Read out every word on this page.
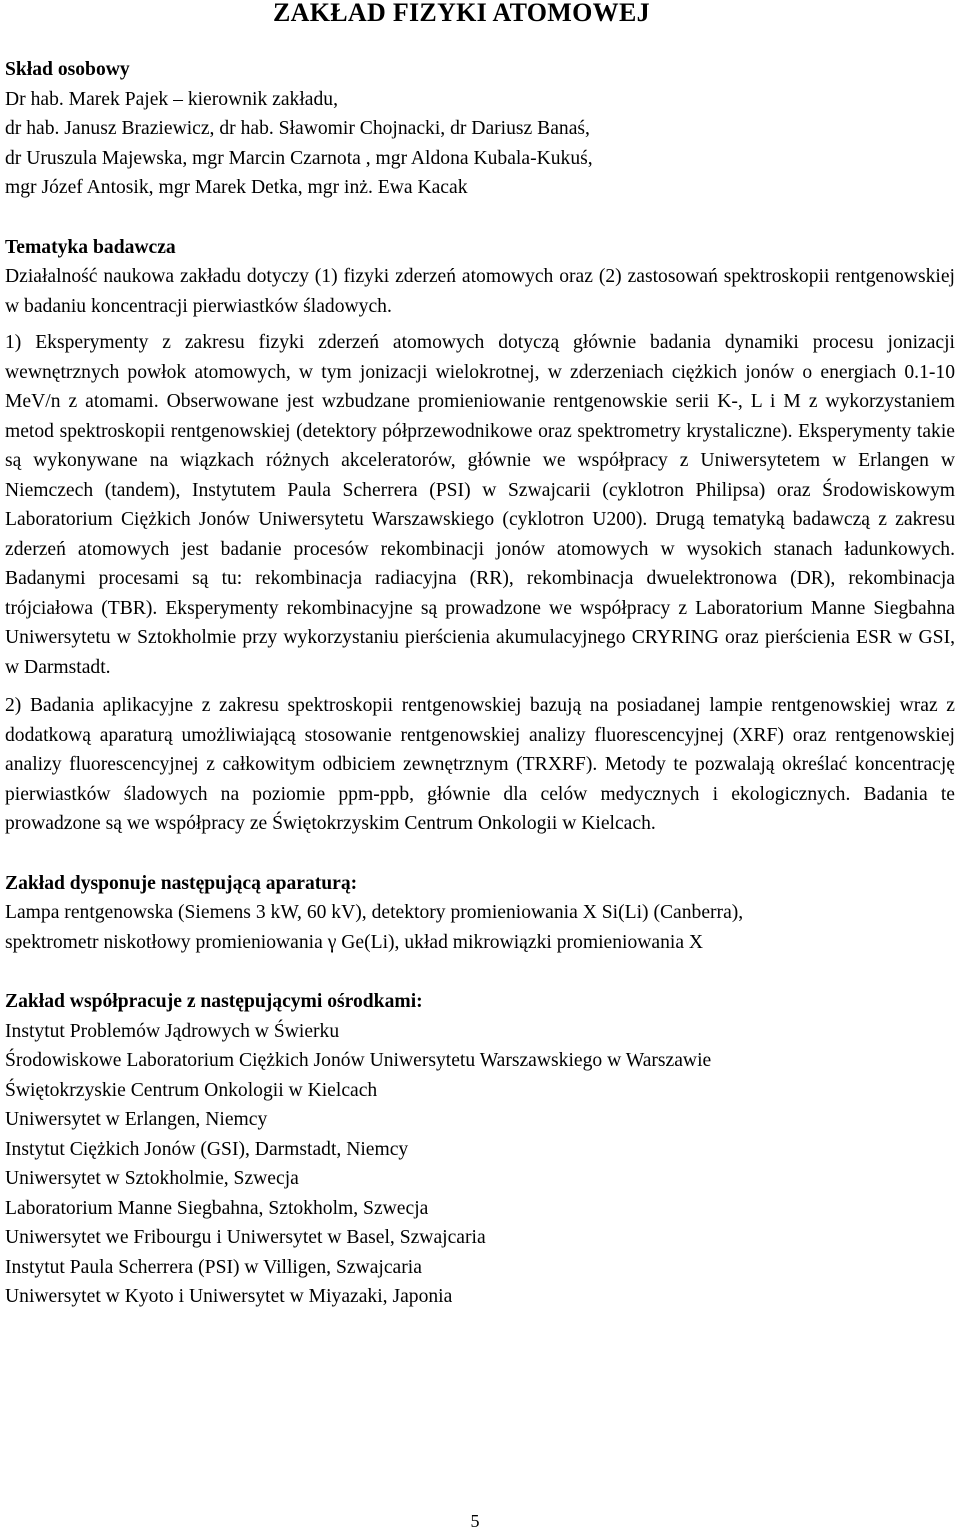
ZAKŁAD FIZYKI ATOMOWEJ

Skład osobowy

Dr hab. Marek Pajek – kierownik zakładu,

dr hab. Janusz Braziewicz, dr hab. Sławomir Chojnacki, dr Dariusz Banaś,

dr Uruszula Majewska, mgr Marcin Czarnota , mgr Aldona Kubala-Kukuś,

mgr Józef Antosik, mgr Marek Detka, mgr inż. Ewa Kacak

Tematyka badawcza

Działalność naukowa zakładu dotyczy (1) fizyki zderzeń atomowych oraz (2) zastosowań spektroskopii rentgenowskiej w badaniu koncentracji pierwiastków śladowych.

1) Eksperymenty z zakresu fizyki zderzeń atomowych dotyczą głównie badania dynamiki procesu jonizacji wewnętrznych powłok atomowych, w tym jonizacji wielokrotnej, w zderzeniach ciężkich jonów o energiach 0.1-10 MeV/n z atomami. Obserwowane jest wzbudzane promieniowanie rentgenowskie serii K-, L i M z wykorzystaniem metod spektroskopii rentgenowskiej (detektory półprzewodnikowe oraz spektrometry krystaliczne). Eksperymenty takie są wykonywane na wiązkach różnych akceleratorów, głównie we współpracy z Uniwersytetem w Erlangen w Niemczech (tandem), Instytutem Paula Scherrera (PSI) w Szwajcarii (cyklotron Philipsa) oraz Środowiskowym Laboratorium Ciężkich Jonów Uniwersytetu Warszawskiego (cyklotron U200). Drugą tematyką badawczą z zakresu zderzeń atomowych jest badanie procesów rekombinacji jonów atomowych w wysokich stanach ładunkowych. Badanymi procesami są tu: rekombinacja radiacyjna (RR), rekombinacja dwuelektronowa (DR), rekombinacja trójciałowa (TBR). Eksperymenty rekombinacyjne są prowadzone we współpracy z Laboratorium Manne Siegbahna Uniwersytetu w Sztokholmie przy wykorzystaniu pierścienia akumulacyjnego CRYRING oraz pierścienia ESR w GSI, w Darmstadt.

2) Badania aplikacyjne z zakresu spektroskopii rentgenowskiej bazują na posiadanej lampie rentgenowskiej wraz z dodatkową aparaturą umożliwiającą stosowanie rentgenowskiej analizy fluorescencyjnej (XRF) oraz rentgenowskiej analizy fluorescencyjnej z całkowitym odbiciem zewnętrznym (TRXRF). Metody te pozwalają określać koncentrację pierwiastków śladowych na poziomie ppm-ppb, głównie dla celów medycznych i ekologicznych. Badania te prowadzone są we współpracy ze Świętokrzyskim Centrum Onkologii w Kielcach.

Zakład dysponuje następującą aparaturą:

Lampa rentgenowska (Siemens 3 kW, 60 kV), detektory promieniowania X Si(Li) (Canberra),

spektrometr niskotłowy promieniowania γ Ge(Li), układ mikrowiązki promieniowania X

Zakład współpracuje z następującymi ośrodkami:

Instytut Problemów Jądrowych w Świerku

Środowiskowe Laboratorium Ciężkich Jonów Uniwersytetu Warszawskiego w Warszawie

Świętokrzyskie Centrum Onkologii w Kielcach

Uniwersytet w Erlangen, Niemcy

Instytut Ciężkich Jonów (GSI), Darmstadt, Niemcy

Uniwersytet w Sztokholmie, Szwecja

Laboratorium Manne Siegbahna, Sztokholm, Szwecja

Uniwersytet we Fribourgu i Uniwersytet w Basel, Szwajcaria

Instytut Paula Scherrera (PSI) w Villigen, Szwajcaria

Uniwersytet w Kyoto i Uniwersytet w Miyazaki, Japonia

5
